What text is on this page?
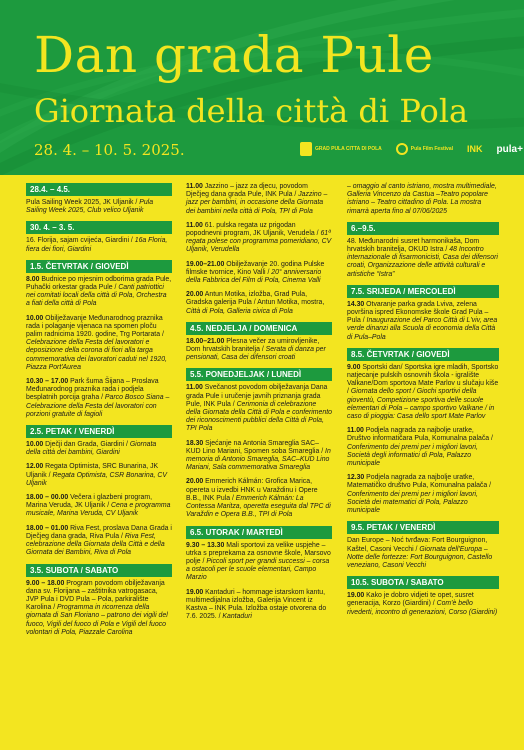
Dan grada Pule
Giornata della città di Pola
28. 4. – 10. 5. 2025.	GRAD PULA CITTA DI POLA	Pula Film Festival INK pula+
28.4. – 4.5.
Pula Sailing Week 2025, JK Uljanik / Pula Sailing Week 2025, Club velico Uljanik
30. 4. – 3. 5.
16. Florija, sajam cvijeća, Giardini / 16a Floria, fiera dei fiori, Giardini
1.5. ČETVRTAK / GIOVEDÌ
8.00 Budnice po mjesnim odborima grada Pule, Puhački orkestar grada Pule / Canti patriottici nei comitati locali della città di Pola, Orchestra a fiati della città di Pola
10.00 Obilježavanje Međunarodnog praznika rada i polaganje vijenaca na spomen ploču palim radnicima 1920. godine, Trg Portarata / Celebrazione della Festa del lavoratori e deposizione della corona di fiori alla targa commemorativa dei lavoratori caduti nel 1920, Piazza Port'Aurea
10.30 – 17.00 Park šuma Šijana – Proslava Međunarodnog praznika rada i podjela besplatnih porcija graha / Parco Bosco Siana – Celebrazione della Festa del lavoratori con porzioni gratuite di fagioli
2.5. PETAK / VENERDÌ
10.00 Dječji dan Grada, Giardini / Giornata della città dei bambini, Giardini
12.00 Regata Optimista, SRC Bunarina, JK Uljanik / Regata Optimista, CSR Bonarina, CV Uljanik
18.00 – 00.00 Večera i glazbeni program, Marina Veruda, JK Uljanik / Cena e programma musicale, Marina Veruda, CV Uljanik
18.00 – 01.00 Riva Fest, proslava Dana Grada i Dječjeg dana grada, Riva Pula / Riva Fest, celebrazione della Giornata della Città e della Giornata dei Bambini, Riva di Pola
3.5. SUBOTA / SABATO
9.00 – 18.00 Program povodom obilježavanja dana sv. Florijana – zaštitnika vatrogasaca, JVP Pula i DVD Pula – Pola, parkiralište Karolina / Programma in ricorrenza della giornata di San Floriano – patrono dei vigili del fuoco, Vigili del fuoco di Pola e Vigili del fuoco volontari di Pola, Piazzale Carolina
11.00 Jazzino – jazz za djecu, povodom Dječjeg dana grada Pule, INK Pula / Jazzino – jazz per bambini, in occasione della Giornata dei bambini nella città di Pola, TPI di Pola
11.00 61. pulska regata uz prigodan popodnevni program, JK Uljanik, Verudela / 61ª regata polese con programma pomeridiano, CV Uljanik, Verudella
19.00–21.00 Obilježavanje 20. godina Pulske filmske tvornice, Kino Valli / 20° anniversario della Fabbrica del Film di Pola, Cinema Valli
20.00 Antun Motika, izložba, Grad Pula, Gradska galerija Pula / Antun Motika, mostra, Città di Pola, Galleria civica di Pola
4.5. NEDJELJA / DOMENICA
18.00–21.00 Plesna večer za umirovljenike, Dom hrvatskih branitelja / Serata di danza per pensionati, Casa dei difensori croati
5.5. PONEDJELJAK / LUNEDÌ
11.00 Svečanost povodom obilježavanja Dana grada Pule i uručenje javnih priznanja grada Pule, INK Pula / Cerimonia di celebrazione della Giornata della Città di Pola e conferimento dei riconoscimenti pubblici della Città di Pola, TPI Pola
18.30 Sjećanje na Antonia Smareglia SAC–KUD Lino Mariani, Spomen soba Smareglia / In memoria di Antonio Smareglia, SAC–KUD Lino Mariani, Sala commemorativa Smareglia
20.00 Emmerich Kálmán: Grofica Marica, opereta u izvedbi HNK u Varaždinu i Opere B.B., INK Pula / Emmerich Kálmán: La Contessa Maritza, operetta eseguita dal TPC di Varaždin e Opera B.B., TPI di Pola
6.5. UTORAK / MARTEDÌ
9.30 – 13.30 Mali sportovi za velike uspjehe – utrka s preprekama za osnovne škole, Marsovo polje / Piccoli sport per grandi successi – corsa a ostacoli per le scuole elementari, Campo Marzio
19.00 Kantaduri – hommage istarskom kantu, multimedijalna izložba, Galerija Vincent iz Kastva – INK Pula. Izložba ostaje otvorena do 7.6. 2025. / Kantaduri
– omaggio al canto istriano, mostra multimediale, Galleria Vincenzo da Castua –Teatro popolare istriano – Teatro cittadino di Pola. La mostra rimarrà aperta fino al 07/06/2025
6.–9.5.
48. Međunarodni susret harmonikaša, Dom hrvatskih branitelja, OKUD Istra / 48 Incontro internazionale di fisarmonicisti, Casa dei difensori croati, Organizzazione delle attività culturali e artistiche “Istra”
7.5. SRIJEDA / MERCOLEDÌ
14.30 Otvaranje parka grada Lviva, zelena površina ispred Ekonomske škole Grad Pula – Pula / Inaugurazione del Parco Città di L'viv, area verde dinanzi alla Scuola di economia della Città di Pula–Pola
8.5. ČETVRTAK / GIOVEDÌ
9.00 Sportski dan/ Sportska igre mladih, Sportsko natjecanje pulskih osnovnih škola - igralište Valkane/Dom sportova Mate Parlov u slučaju kiše / Giornata dello sport / Giochi sportivi della gioventù, Competizione sportiva delle scuole elementari di Pola – campo sportivo Valkane / in caso di pioggia: Casa dello sport Mate Parlov
11.00 Podjela nagrada za najbolje uratke, Društvo informatičara Pula, Komunalna palača / Conferimento dei premi per i migliori lavori, Società degli informatici di Pola, Palazzo municipale
12.30 Podjela nagrada za najbolje uratke, Matematičko društvo Pula, Komunalna palača / Conferimento dei premi per i migliori lavori, Società dei matematici di Pola, Palazzo municipale
9.5. PETAK / VENERDÌ
Dan Europe – Noć tvrđava: Fort Bourguignon, Kaštel, Casoni Vecchi / Giornata dell'Europa – Notte delle fortezze: Fort Bourguignon, Castello veneziano, Casoni Vecchi
10.5. SUBOTA / SABATO
19.00 Kako je dobro vidjeti te opet, susret generacija, Korzo (Giardini) / Com'è bello rivederti, incontro di generazioni, Corso (Giardini)
